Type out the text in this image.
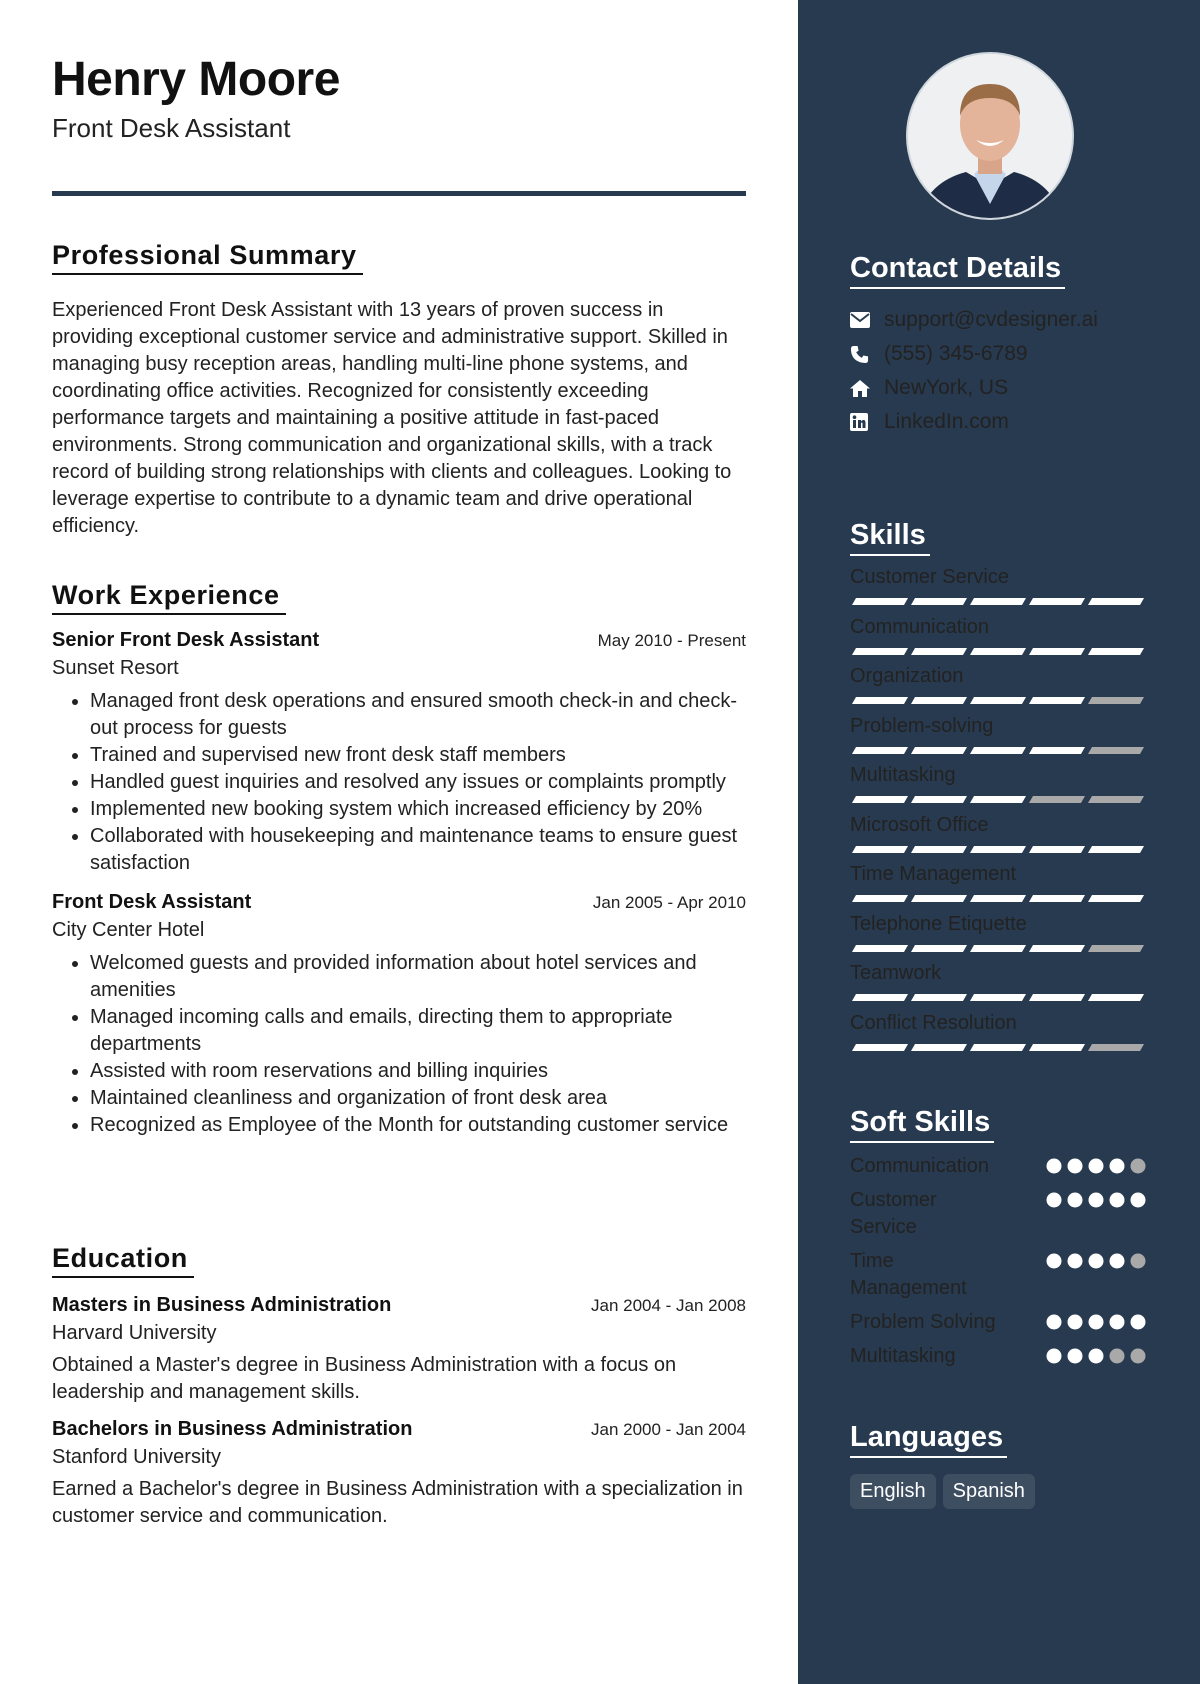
Henry Moore
Front Desk Assistant
Professional Summary
Experienced Front Desk Assistant with 13 years of proven success in providing exceptional customer service and administrative support. Skilled in managing busy reception areas, handling multi-line phone systems, and coordinating office activities. Recognized for consistently exceeding performance targets and maintaining a positive attitude in fast-paced environments. Strong communication and organizational skills, with a track record of building strong relationships with clients and colleagues. Looking to leverage expertise to contribute to a dynamic team and drive operational efficiency.
Work Experience
Senior Front Desk Assistant	May 2010 - Present
Sunset Resort
• Managed front desk operations and ensured smooth check-in and check-out process for guests
• Trained and supervised new front desk staff members
• Handled guest inquiries and resolved any issues or complaints promptly
• Implemented new booking system which increased efficiency by 20%
• Collaborated with housekeeping and maintenance teams to ensure guest satisfaction
Front Desk Assistant	Jan 2005 - Apr 2010
City Center Hotel
• Welcomed guests and provided information about hotel services and amenities
• Managed incoming calls and emails, directing them to appropriate departments
• Assisted with room reservations and billing inquiries
• Maintained cleanliness and organization of front desk area
• Recognized as Employee of the Month for outstanding customer service
Education
Masters in Business Administration	Jan 2004 - Jan 2008
Harvard University
Obtained a Master's degree in Business Administration with a focus on leadership and management skills.
Bachelors in Business Administration	Jan 2000 - Jan 2004
Stanford University
Earned a Bachelor's degree in Business Administration with a specialization in customer service and communication.
Contact Details
support@cvdesigner.ai
(555) 345-6789
NewYork, US
LinkedIn.com
Skills
Customer Service
Communication
Organization
Problem-solving
Multitasking
Microsoft Office
Time Management
Telephone Etiquette
Teamwork
Conflict Resolution
Soft Skills
Communication
Customer
Service
Time
Management
Problem Solving
Multitasking
Languages
English	Spanish
